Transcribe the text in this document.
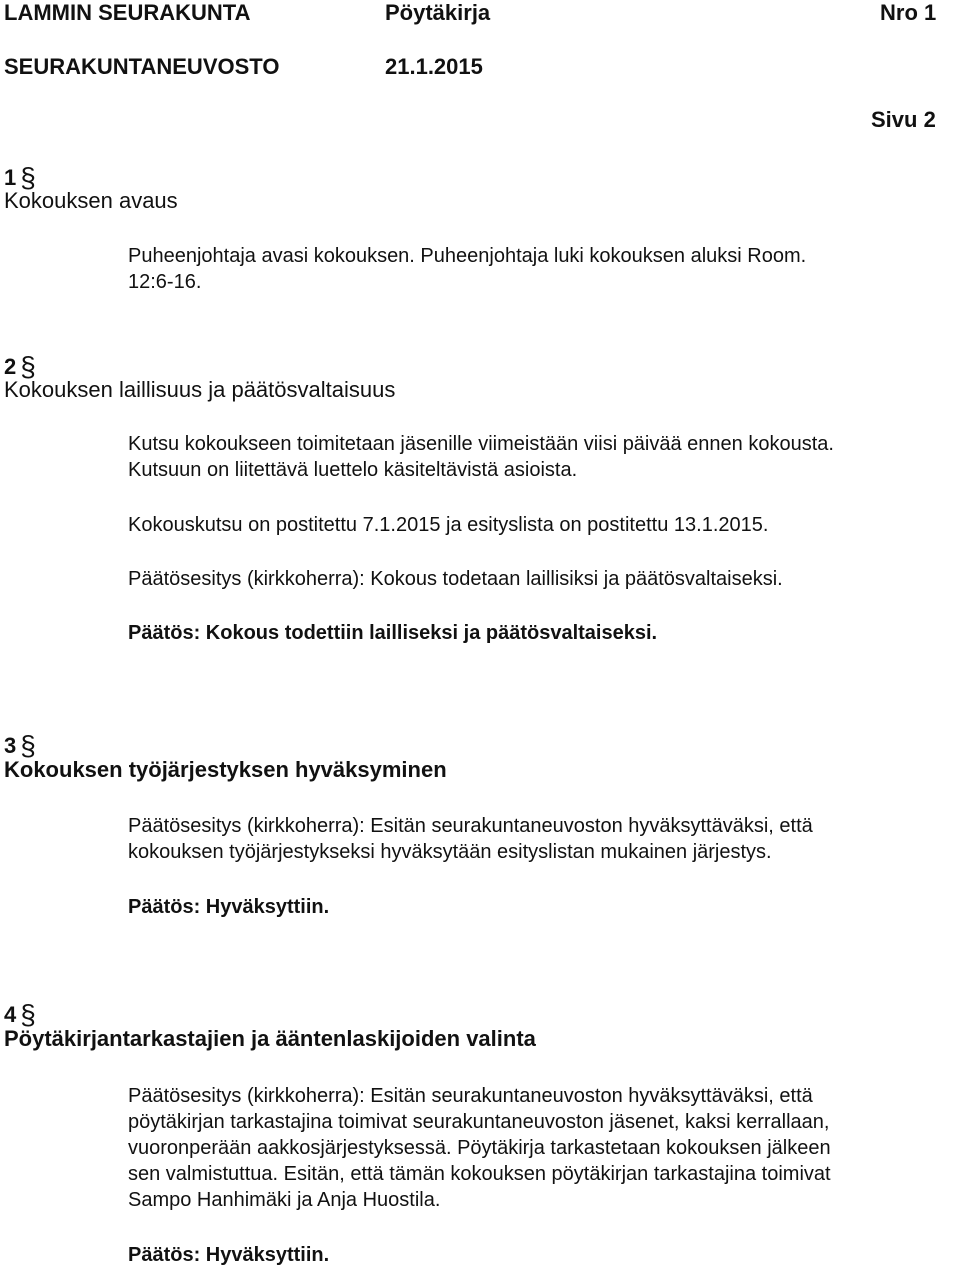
LAMMIN SEURAKUNTA	Pöytäkirja	Nro 1
SEURAKUNTANEUVOSTO	21.1.2015
Sivu 2
1 §
Kokouksen avaus
Puheenjohtaja avasi kokouksen. Puheenjohtaja luki kokouksen aluksi Room.
12:6-16.
2 §
Kokouksen laillisuus ja päätösvaltaisuus
Kutsu kokoukseen toimitetaan jäsenille viimeistään viisi päivää ennen kokousta.
Kutsuun on liitettävä luettelo käsiteltävistä asioista.
Kokouskutsu on postitettu 7.1.2015 ja esityslista on postitettu 13.1.2015.
Päätösesitys (kirkkoherra): Kokous todetaan laillisiksi ja päätösvaltaiseksi.
Päätös: Kokous todettiin lailliseksi ja päätösvaltaiseksi.
3 §
Kokouksen työjärjestyksen hyväksyminen
Päätösesitys (kirkkoherra): Esitän seurakuntaneuvoston hyväksyttäväksi, että
kokouksen työjärjestykseksi hyväksytään esityslistan mukainen järjestys.
Päätös: Hyväksyttiin.
4 §
Pöytäkirjantarkastajien ja ääntenlaskijoiden valinta
Päätösesitys (kirkkoherra): Esitän seurakuntaneuvoston hyväksyttäväksi, että
pöytäkirjan tarkastajina toimivat seurakuntaneuvoston jäsenet, kaksi kerrallaan,
vuoronperään aakkosjärjestyksessä. Pöytäkirja tarkastetaan kokouksen jälkeen
sen valmistuttua. Esitän, että tämän kokouksen pöytäkirjan tarkastajina toimivat
Sampo Hanhimäki ja Anja Huostila.
Päätös: Hyväksyttiin.
